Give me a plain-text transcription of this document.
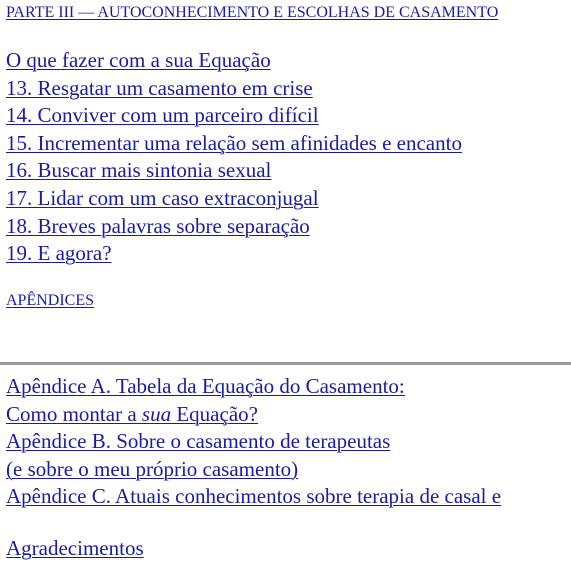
PARTE III — AUTOCONHECIMENTO E ESCOLHAS DE CASAMENTO
O que fazer com a sua Equação
13. Resgatar um casamento em crise
14. Conviver com um parceiro difícil
15. Incrementar uma relação sem afinidades e encanto
16. Buscar mais sintonia sexual
17. Lidar com um caso extraconjugal
18. Breves palavras sobre separação
19. E agora?
APÊNDICES
Apêndice A. Tabela da Equação do Casamento:
Como montar a sua Equação?
Apêndice B. Sobre o casamento de terapeutas
(e sobre o meu próprio casamento)
Apêndice C. Atuais conhecimentos sobre terapia de casal e
Agradecimentos
